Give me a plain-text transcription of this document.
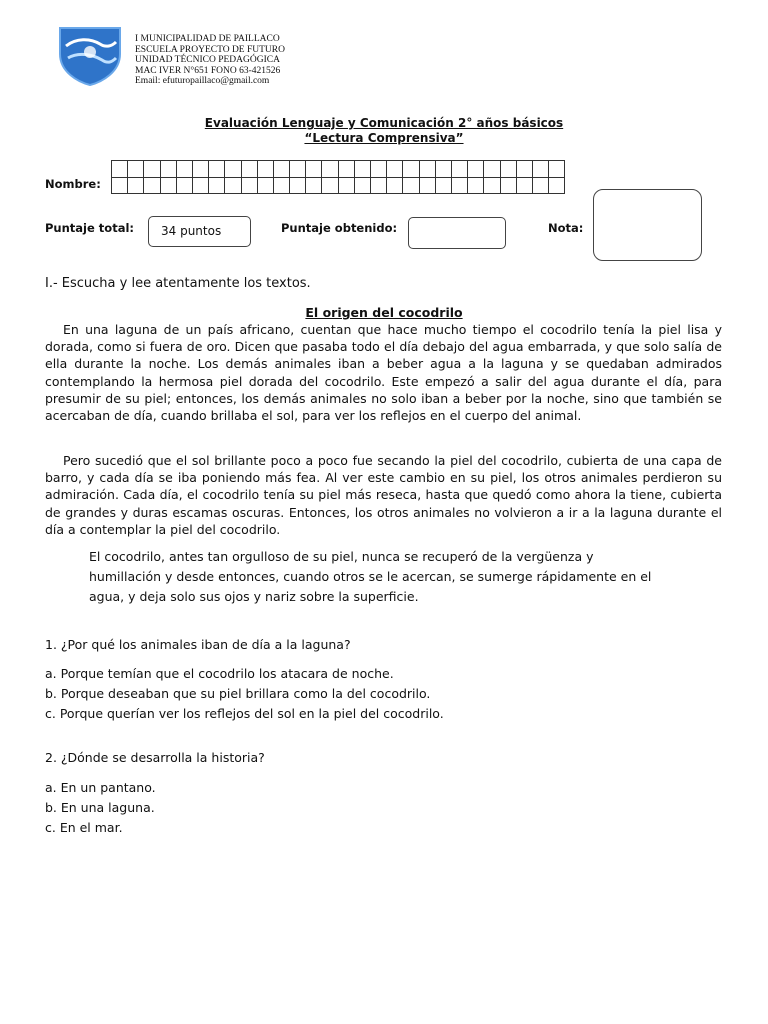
I MUNICIPALIDAD DE PAILLACO
ESCUELA PROYECTO DE FUTURO
UNIDAD TÉCNICO PEDAGÓGICA
MAC IVER N°651 FONO 63-421526
Email: efuturopaillaco@gmail.com
Evaluación Lenguaje y Comunicación 2° años básicos
“Lectura Comprensiva”
Nombre:

Puntaje total: 34 puntos	Puntaje obtenido:	Nota:
I.- Escucha y lee atentamente los textos.
El origen del cocodrilo

En una laguna de un país africano, cuentan que hace mucho tiempo el cocodrilo tenía la piel lisa y dorada, como si fuera de oro. Dicen que pasaba todo el día debajo del agua embarrada, y que solo salía de ella durante la noche. Los demás animales iban a beber agua a la laguna y se quedaban admirados contemplando la hermosa piel dorada del cocodrilo. Este empezó a salir del agua durante el día, para presumir de su piel; entonces, los demás animales no solo iban a beber por la noche, sino que también se acercaban de día, cuando brillaba el sol, para ver los reflejos en el cuerpo del animal.

Pero sucedió que el sol brillante poco a poco fue secando la piel del cocodrilo, cubierta de una capa de barro, y cada día se iba poniendo más fea. Al ver este cambio en su piel, los otros animales perdieron su admiración. Cada día, el cocodrilo tenía su piel más reseca, hasta que quedó como ahora la tiene, cubierta de grandes y duras escamas oscuras. Entonces, los otros animales no volvieron a ir a la laguna durante el día a contemplar la piel del cocodrilo.

El cocodrilo, antes tan orgulloso de su piel, nunca se recuperó de la vergüenza y
humillación y desde entonces, cuando otros se le acercan, se sumerge rápidamente en el
agua, y deja solo sus ojos y nariz sobre la superficie.
1. ¿Por qué los animales iban de día a la laguna?
a. Porque temían que el cocodrilo los atacara de noche.
b. Porque deseaban que su piel brillara como la del cocodrilo.
c. Porque querían ver los reflejos del sol en la piel del cocodrilo.
2. ¿Dónde se desarrolla la historia?
a. En un pantano.
b. En una laguna.
c. En el mar.
